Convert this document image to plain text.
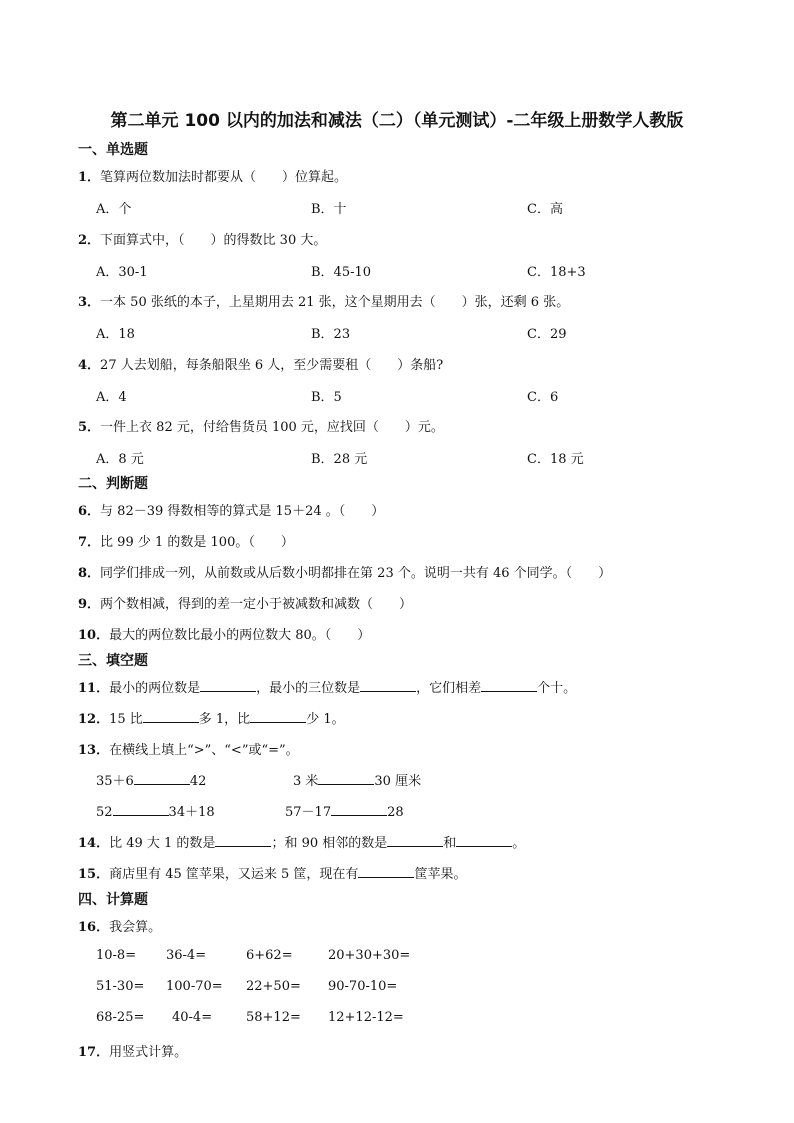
第二单元 100 以内的加法和减法（二）（单元测试）-二年级上册数学人教版
一、单选题
1．笔算两位数加法时都要从（　　）位算起。
A．个	B．十	C．高
2．下面算式中，（　　）的得数比 30 大。
A．30-1	B．45-10	C．18+3
3．一本 50 张纸的本子，上星期用去 21 张，这个星期用去（　　）张，还剩 6 张。
A．18	B．23	C．29
4．27 人去划船，每条船限坐 6 人，至少需要租（　　）条船?
A．4	B．5	C．6
5．一件上衣 82 元，付给售货员 100 元，应找回（　　）元。
A．8 元	B．28 元	C．18 元
二、判断题
6．与 82－39 得数相等的算式是 15＋24 。（　　）
7．比 99 少 1 的数是 100。（　　）
8．同学们排成一列，从前数或从后数小明都排在第 23 个。说明一共有 46 个同学。（　　）
9．两个数相减，得到的差一定小于被减数和减数（　　）
10．最大的两位数比最小的两位数大 80。（　　）
三、填空题
11．最小的两位数是	，最小的三位数是	，它们相差	个十。
12．15 比	多 1，比	少 1。
13．在横线上填上“>”、“<”或“=”。
35＋6	42	3 米	30 厘米
52	34＋18	57－17	28
14．比 49 大 1 的数是	；和 90 相邻的数是	和	。
15．商店里有 45 筐苹果，又运来 5 筐，现在有	筐苹果。
四、计算题
16．我会算。
10-8= 36-4=	6+62=	20+30+30=
51-30= 100-70= 22+50= 90-70-10=
68-25= 40-4=	58+12= 12+12-12=
17．用竖式计算。
